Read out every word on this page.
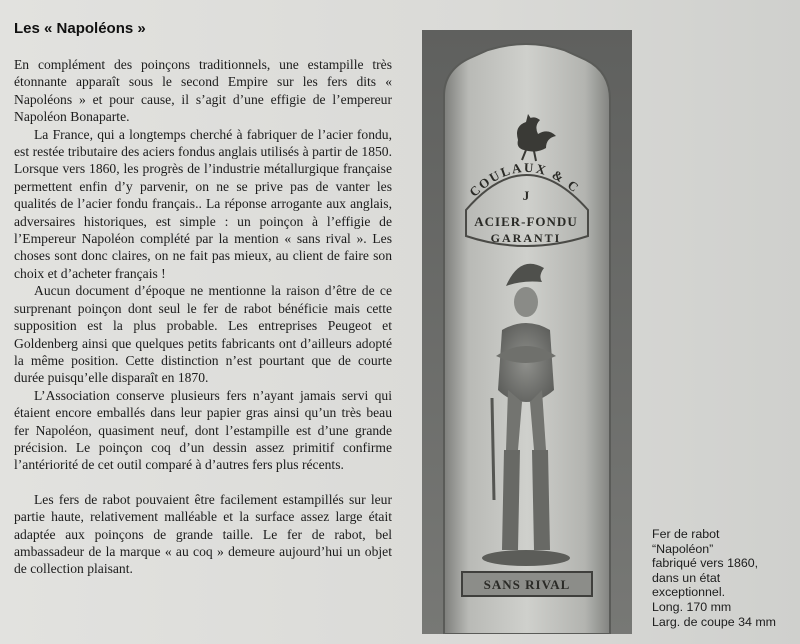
Les « Napoléons »

En complément des poinçons traditionnels, une estampille très étonnante apparaît sous le second Empire sur les fers dits « Napoléons » et pour cause, il s’agit d’une effigie de l’empereur Napoléon Bonaparte.

La France, qui a longtemps cherché à fabriquer de l’acier fondu, est restée tributaire des aciers fondus anglais utilisés à partir de 1850. Lorsque vers 1860, les progrès de l’industrie métallurgique française permettent enfin d’y parvenir, on ne se prive pas de vanter les qualités de l’acier fondu français.. La réponse arrogante aux anglais, adversaires historiques, est simple : un poinçon à l’effigie de l’Empereur Napoléon complété par la mention « sans rival ». Les choses sont donc claires, on ne fait pas mieux, au client de faire son choix et d’acheter français !

Aucun document d’époque ne mentionne la raison d’être de ce surprenant poinçon dont seul le fer de rabot bénéficie mais cette supposition est la plus probable. Les entreprises Peugeot et Goldenberg ainsi que quelques petits fabricants ont d’ailleurs adopté la même position. Cette distinction n’est pourtant que de courte durée puisqu’elle disparaît en 1870.

L’Association conserve plusieurs fers n’ayant jamais servi qui étaient encore emballés dans leur papier gras ainsi qu’un très beau fer Napoléon, quasiment neuf, dont l’estampille est d’une grande précision. Le poinçon coq d’un dessin assez primitif confirme l’antériorité de cet outil comparé à d’autres fers plus récents.

Les fers de rabot pouvaient être facilement estampillés sur leur partie haute, relativement malléable et la surface assez large était adaptée aux poinçons de grande taille. Le fer de rabot, bel ambassadeur de la marque « au coq » demeure aujourd’hui un objet de collection plaisant.

COULAUX & C
J
ACIER-FONDU
GARANTI
SANS RIVAL
Fer de rabot
“Napoléon”
fabriqué vers 1860,
dans un état
exceptionnel.
Long. 170 mm
Larg. de coupe 34 mm
